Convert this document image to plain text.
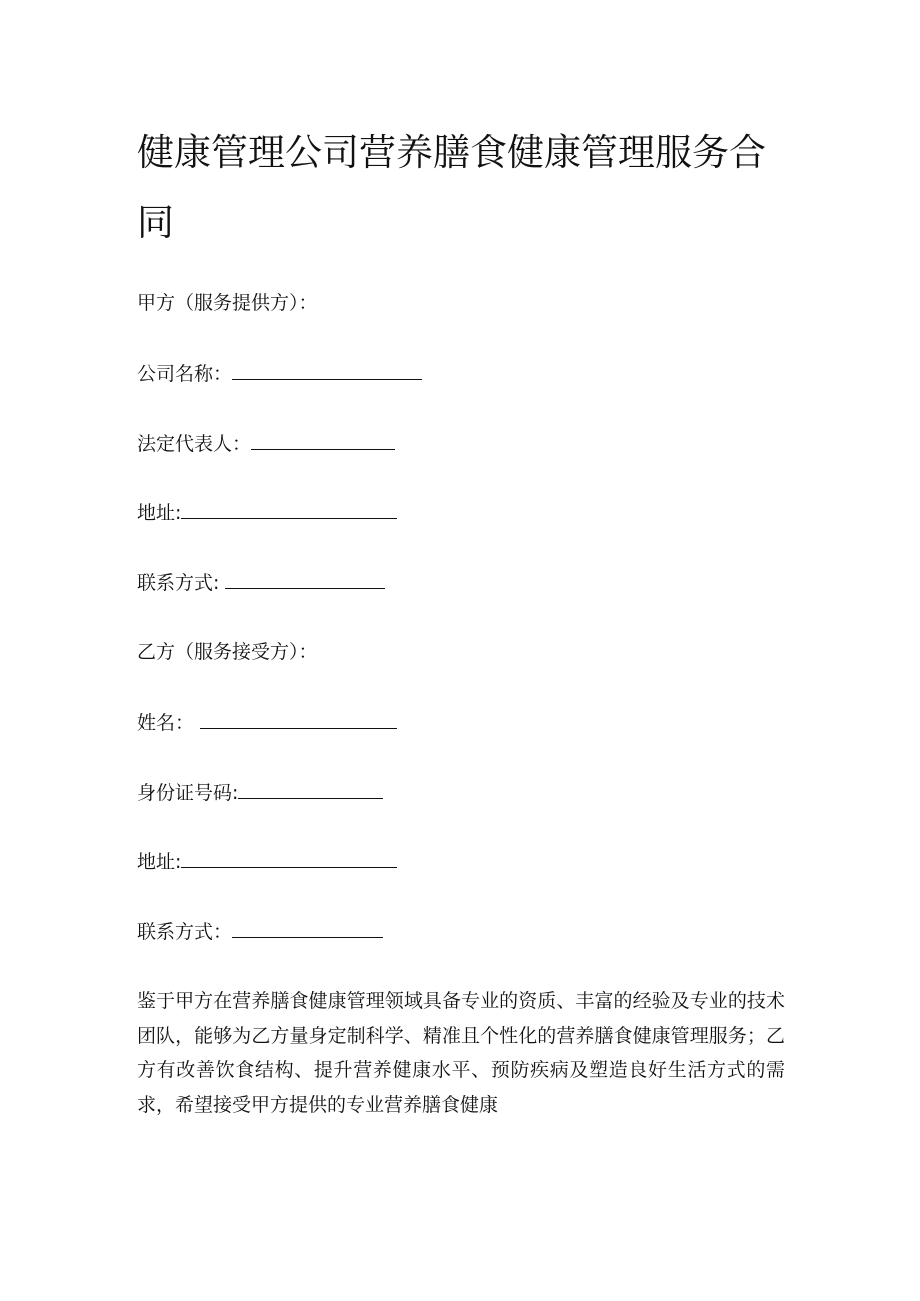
健康管理公司营养膳食健康管理服务合同

甲方（服务提供方）：

公司名称：

法定代表人：

地址:

联系方式:

乙方（服务接受方）：

姓名：

身份证号码:

地址:

联系方式：

鉴于甲方在营养膳食健康管理领域具备专业的资质、丰富的经验及专业的技术团队，能够为乙方量身定制科学、精准且个性化的营养膳食健康管理服务；乙方有改善饮食结构、提升营养健康水平、预防疾病及塑造良好生活方式的需求，希望接受甲方提供的专业营养膳食健康
